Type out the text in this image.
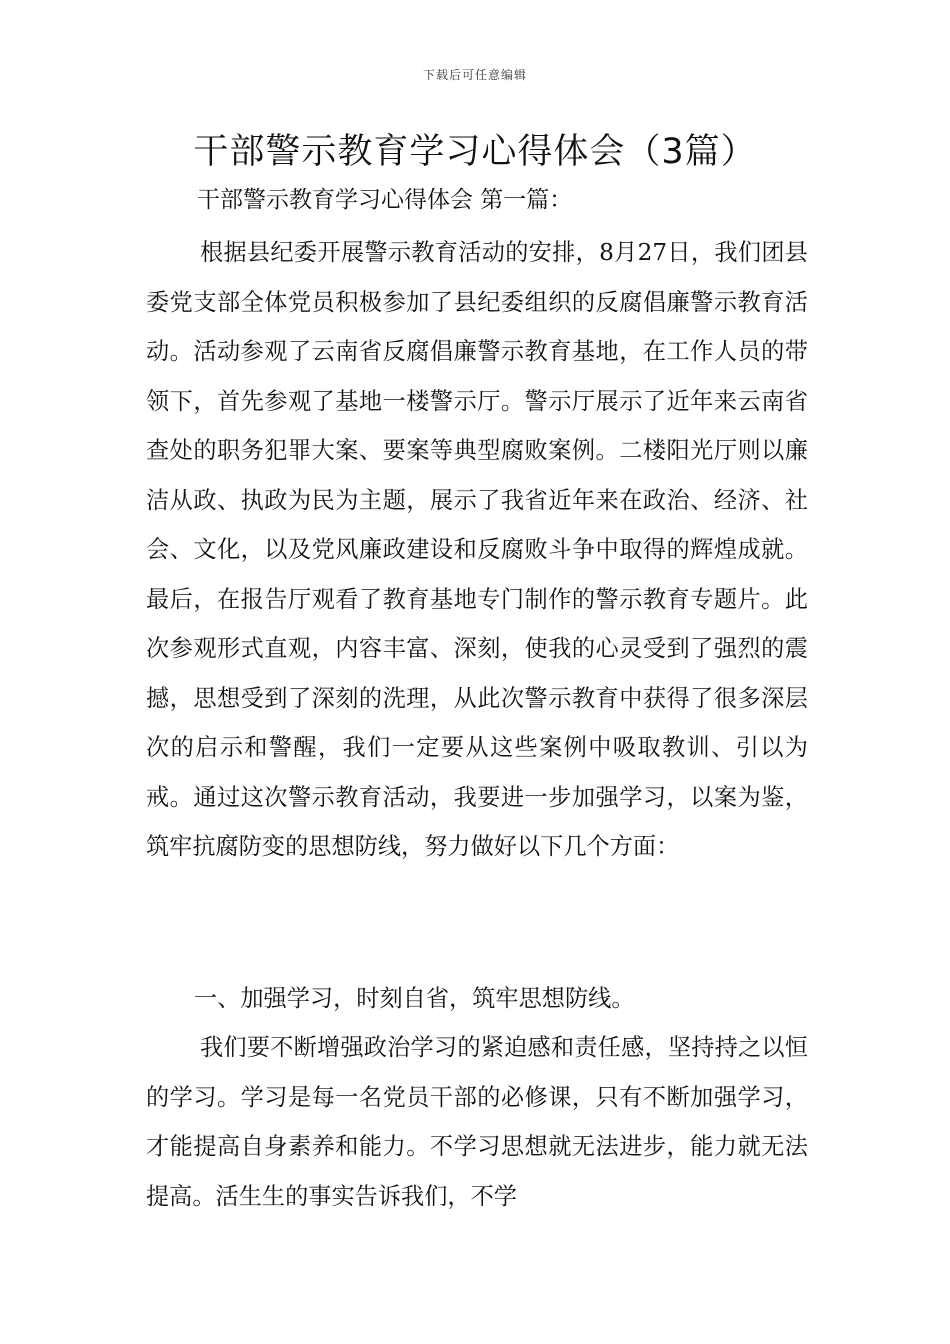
下载后可任意编辑
干部警示教育学习心得体会（3篇）
干部警示教育学习心得体会 第一篇：

根据县纪委开展警示教育活动的安排，8月27日，我们团县委党支部全体党员积极参加了县纪委组织的反腐倡廉警示教育活动。活动参观了云南省反腐倡廉警示教育基地，在工作人员的带领下，首先参观了基地一楼警示厅。警示厅展示了近年来云南省查处的职务犯罪大案、要案等典型腐败案例。二楼阳光厅则以廉洁从政、执政为民为主题，展示了我省近年来在政治、经济、社会、文化，以及党风廉政建设和反腐败斗争中取得的辉煌成就。最后，在报告厅观看了教育基地专门制作的警示教育专题片。此次参观形式直观，内容丰富、深刻，使我的心灵受到了强烈的震撼，思想受到了深刻的洗理，从此次警示教育中获得了很多深层次的启示和警醒，我们一定要从这些案例中吸取教训、引以为戒。通过这次警示教育活动，我要进一步加强学习，以案为鉴，筑牢抗腐防变的思想防线，努力做好以下几个方面：

一、加强学习，时刻自省，筑牢思想防线。

我们要不断增强政治学习的紧迫感和责任感，坚持持之以恒的学习。学习是每一名党员干部的必修课，只有不断加强学习，才能提高自身素养和能力。不学习思想就无法进步，能力就无法提高。活生生的事实告诉我们，不学
